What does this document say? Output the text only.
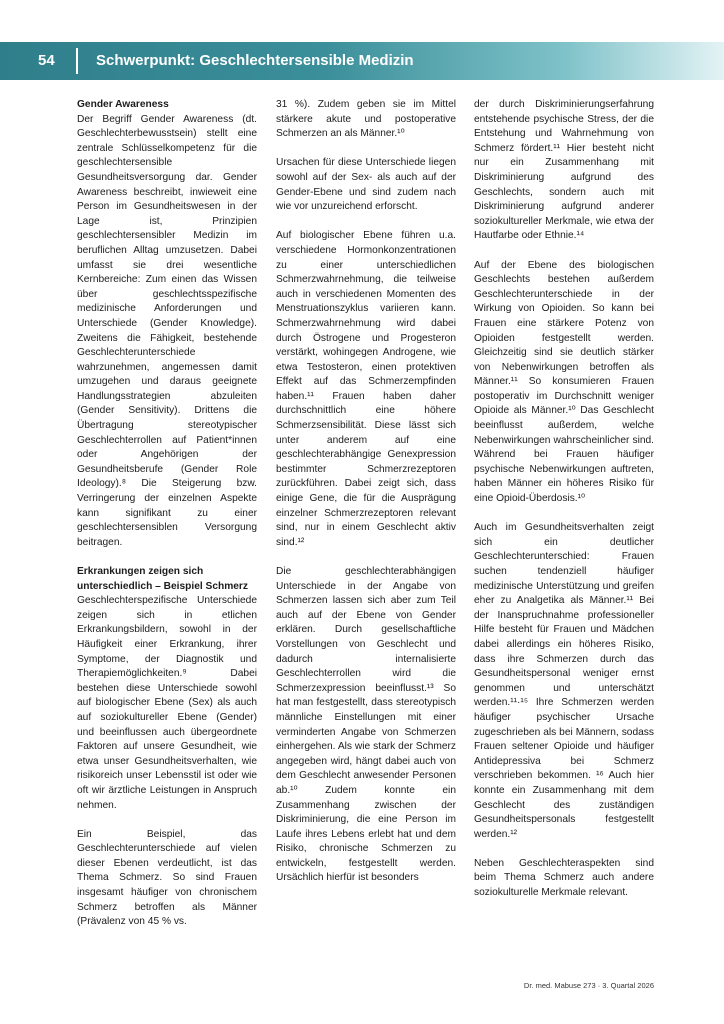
54	Schwerpunkt: Geschlechtersensible Medizin
Gender Awareness

Der Begriff Gender Awareness (dt. Geschlechterbewusstsein) stellt eine zentrale Schlüsselkompetenz für die geschlechtersensible Gesundheitsversorgung dar. Gender Awareness beschreibt, inwieweit eine Person im Gesundheitswesen in der Lage ist, Prinzipien geschlechtersensibler Medizin im beruflichen Alltag umzusetzen. Dabei umfasst sie drei wesentliche Kernbereiche: Zum einen das Wissen über geschlechtsspezifische medizinische Anforderungen und Unterschiede (Gender Knowledge). Zweitens die Fähigkeit, bestehende Geschlechterunterschiede wahrzunehmen, angemessen damit umzugehen und daraus geeignete Handlungsstrategien abzuleiten (Gender Sensitivity). Drittens die Übertragung stereotypischer Geschlechterrollen auf Patient*innen oder Angehörigen der Gesundheitsberufe (Gender Role Ideology).⁸ Die Steigerung bzw. Verringerung der einzelnen Aspekte kann signifikant zu einer geschlechtersensiblen Versorgung beitragen.

Erkrankungen zeigen sich unterschiedlich – Beispiel Schmerz

Geschlechterspezifische Unterschiede zeigen sich in etlichen Erkrankungsbildern, sowohl in der Häufigkeit einer Erkrankung, ihrer Symptome, der Diagnostik und Therapiemöglichkeiten.⁹ Dabei bestehen diese Unterschiede sowohl auf biologischer Ebene (Sex) als auch auf soziokultureller Ebene (Gender) und beeinflussen auch übergeordnete Faktoren auf unsere Gesundheit, wie etwa unser Gesundheitsverhalten, wie risikoreich unser Lebensstil ist oder wie oft wir ärztliche Leistungen in Anspruch nehmen.

Ein Beispiel, das Geschlechterunterschiede auf vielen dieser Ebenen verdeutlicht, ist das Thema Schmerz. So sind Frauen insgesamt häufiger von chronischem Schmerz betroffen als Männer (Prävalenz von 45 % vs.

31 %). Zudem geben sie im Mittel stärkere akute und postoperative Schmerzen an als Männer.¹⁰

Ursachen für diese Unterschiede liegen sowohl auf der Sex- als auch auf der Gender-Ebene und sind zudem nach wie vor unzureichend erforscht.

Auf biologischer Ebene führen u.a. verschiedene Hormonkonzentrationen zu einer unterschiedlichen Schmerzwahrnehmung, die teilweise auch in verschiedenen Momenten des Menstruationszyklus variieren kann. Schmerzwahrnehmung wird dabei durch Östrogene und Progesteron verstärkt, wohingegen Androgene, wie etwa Testosteron, einen protektiven Effekt auf das Schmerzempfinden haben.¹¹ Frauen haben daher durchschnittlich eine höhere Schmerzsensibilität. Diese lässt sich unter anderem auf eine geschlechterabhängige Genexpression bestimmter Schmerzrezeptoren zurückführen. Dabei zeigt sich, dass einige Gene, die für die Ausprägung einzelner Schmerzrezeptoren relevant sind, nur in einem Geschlecht aktiv sind.¹²

Die geschlechterabhängigen Unterschiede in der Angabe von Schmerzen lassen sich aber zum Teil auch auf der Ebene von Gender erklären. Durch gesellschaftliche Vorstellungen von Geschlecht und dadurch internalisierte Geschlechterrollen wird die Schmerzexpression beeinflusst.¹³ So hat man festgestellt, dass stereotypisch männliche Einstellungen mit einer verminderten Angabe von Schmerzen einhergehen. Als wie stark der Schmerz angegeben wird, hängt dabei auch von dem Geschlecht anwesender Personen ab.¹⁰ Zudem konnte ein Zusammenhang zwischen der Diskriminierung, die eine Person im Laufe ihres Lebens erlebt hat und dem Risiko, chronische Schmerzen zu entwickeln, festgestellt werden. Ursächlich hierfür ist besonders

der durch Diskriminierungserfahrung entstehende psychische Stress, der die Entstehung und Wahrnehmung von Schmerz fördert.¹¹ Hier besteht nicht nur ein Zusammenhang mit Diskriminierung aufgrund des Geschlechts, sondern auch mit Diskriminierung aufgrund anderer soziokultureller Merkmale, wie etwa der Hautfarbe oder Ethnie.¹⁴

Auf der Ebene des biologischen Geschlechts bestehen außerdem Geschlechterunterschiede in der Wirkung von Opioiden. So kann bei Frauen eine stärkere Potenz von Opioiden festgestellt werden. Gleichzeitig sind sie deutlich stärker von Nebenwirkungen betroffen als Männer.¹¹ So konsumieren Frauen postoperativ im Durchschnitt weniger Opioide als Männer.¹⁰ Das Geschlecht beeinflusst außerdem, welche Nebenwirkungen wahrscheinlicher sind. Während bei Frauen häufiger psychische Nebenwirkungen auftreten, haben Männer ein höheres Risiko für eine Opioid-Überdosis.¹⁰

Auch im Gesundheitsverhalten zeigt sich ein deutlicher Geschlechterunterschied: Frauen suchen tendenziell häufiger medizinische Unterstützung und greifen eher zu Analgetika als Männer.¹¹ Bei der Inanspruchnahme professioneller Hilfe besteht für Frauen und Mädchen dabei allerdings ein höheres Risiko, dass ihre Schmerzen durch das Gesundheitspersonal weniger ernst genommen und unterschätzt werden.¹¹·¹⁵ Ihre Schmerzen werden häufiger psychischer Ursache zugeschrieben als bei Männern, sodass Frauen seltener Opioide und häufiger Antidepressiva bei Schmerz verschrieben bekommen. ¹⁶ Auch hier konnte ein Zusammenhang mit dem Geschlecht des zuständigen Gesundheitspersonals festgestellt werden.¹²

Neben Geschlechteraspekten sind beim Thema Schmerz auch andere soziokulturelle Merkmale relevant.

Dr. med. Mabuse 273 · 3. Quartal 2026
